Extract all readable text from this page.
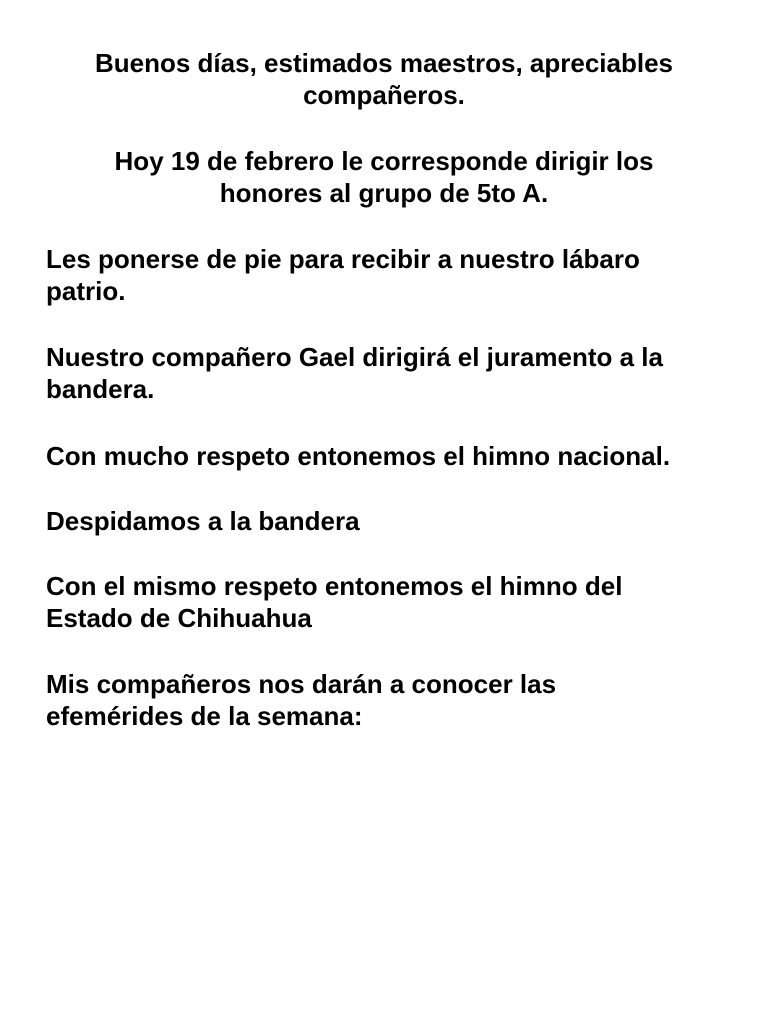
Buenos días, estimados maestros, apreciables
compañeros.

Hoy 19 de febrero le corresponde dirigir los
honores al grupo de 5to A.

Les ponerse de pie para recibir a nuestro lábaro
patrio.

Nuestro compañero Gael dirigirá el juramento a la
bandera.

Con mucho respeto entonemos el himno nacional.

Despidamos a la bandera

Con el mismo respeto entonemos el himno del
Estado de Chihuahua

Mis compañeros nos darán a conocer las
efemérides de la semana:
